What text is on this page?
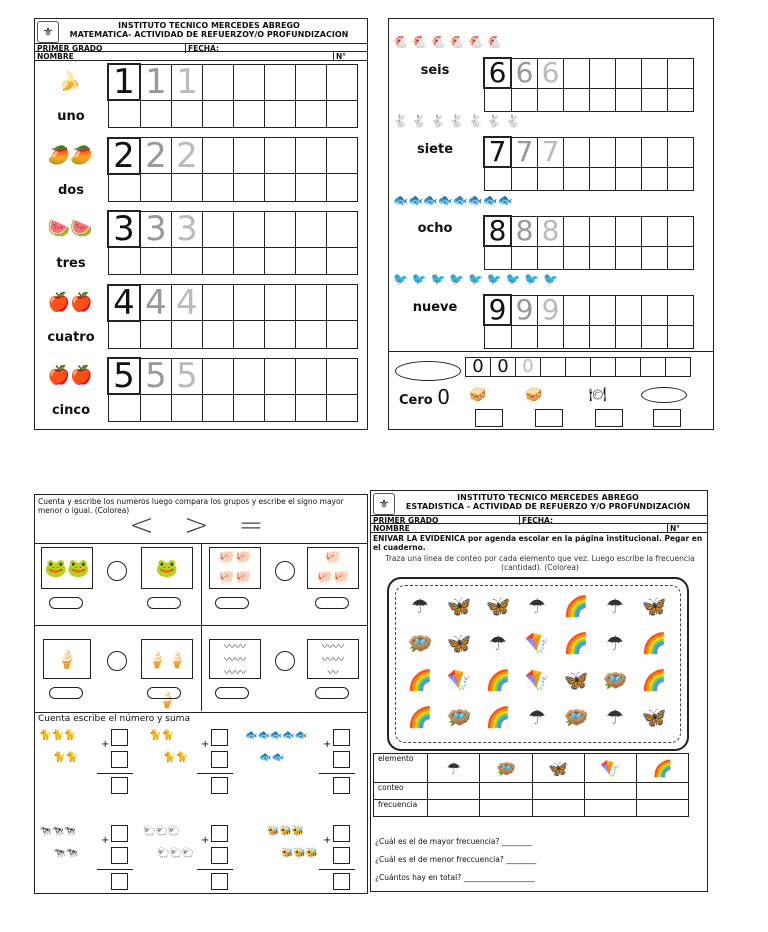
⚜	INSTITUTO TECNICO MERCEDES ABREGO
MATEMATICA- ACTIVIDAD DE REFUERZOY/O PROFUNDIZACION
PRIMER GRADO	FECHA:
NOMBRE	N°
🍌
uno
1	1	1					

🥭🥭
dos
2	2	2					

🍉🍉
tres
3	3	3					

🍎🍎
cuatro
4	4	4					

🍎🍎
cinco
5	5	5					

🐔 🐔 🐔 🐔 🐔 🐔
seis	6	6	6					

🐇 🐇 🐇 🐇 🐇 🐇 🐇
siete	7	7	7					

🐟🐟🐟🐟🐟🐟🐟🐟
ocho	8	8	8					

🐦 🐦 🐦 🐦 🐦 🐦 🐦 🐦 🐦
nueve 9	9	9					

Cero 0
0	0	0

🥪	🥪	🍽
Cuenta y escribe los numeros luego compara los grupos y escribe el signo mayor menor o igual. (Colorea) < > =
🐸🐸	🐸
🐖🐖
🐖🐖
🐖
🐖🐖
🍦	🍦🍦🍦
〰〰
〰〰
〰〰
〰〰
〰〰
〰
Cuenta escribe el número y suma
🐈🐈🐈
🐈🐈
+
🐈🐈
🐈🐈
+
🐟🐟🐟🐟🐟
🐟🐟
+
🐄🐄🐄
🐄🐄
+
🐑🐑🐑
🐑🐑🐑
+
🐝🐝🐝
🐝🐝🐝
+
⚜	INSTITUTO TECNICO MERCEDES ABREGO
ESTADISTICA - ACTIVIDAD DE REFUERZO Y/O PROFUNDIZACIÓN
PRIMER GRADO	FECHA:
NOMBRE	N°
ENIVAR LA EVIDENICA por agenda escolar en la página institucional. Pegar en el cuaderno.
Traza una línea de conteo por cada elemento que vez. Luego escribe la frecuencia (cantidad). (Colorea)
☂ 🦋 🦋 ☂ 🌈 ☂ 🦋
🪺 🦋 ☂ 🪁 🌈 ☂ 🌈
🌈 🪁 🌈 🪁 🦋 🪺 🌈
🌈 🪺 🌈 ☂ 🪺 ☂ 🦋
elemento	☂	🪺	🦋	🪁	🌈
conteo					
frecuencia					
¿Cuál es el de mayor frecuencia? ________
¿Cuál es el de menor freccuencia? ________
¿Cuántos hay en total? ___________________
